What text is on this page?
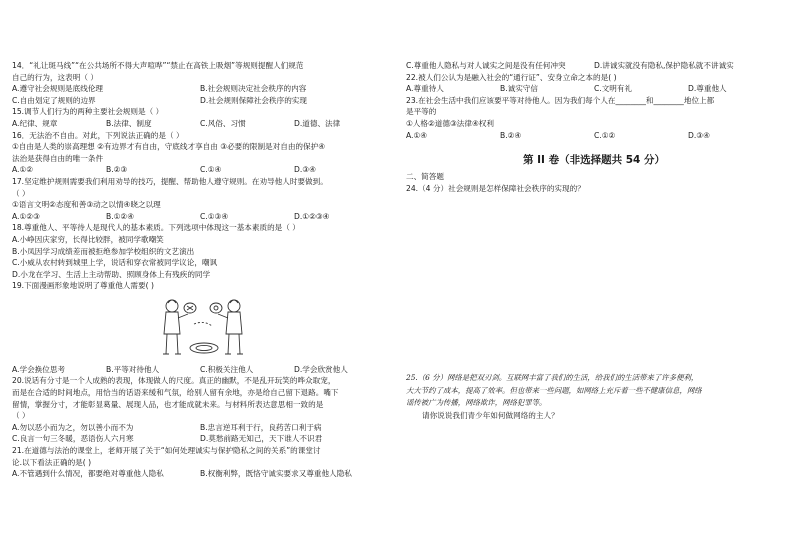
14．“礼让斑马线”“在公共场所不得大声喧哗”“禁止在高铁上吸烟”等规则提醒人们规范
自己的行为，这表明（ ）
A.遵守社会规则是底线伦理	B.社会规则决定社会秩序的内容
C.自由划定了规则的边界	D.社会规则保障社会秩序的实现
15.调节人们行为的两种主要社会规则是（ ）
A.纪律、规章	B.法律、制度	C.风俗、习惯	D.道德、法律
16．无法治不自由。对此，下列说法正确的是（ ）
①自由是人类的崇高理想 ②有边界才有自由，守底线才享自由 ③必要的限制是对自由的保护④
法治是获得自由的唯一条件
A.①②	B.②③	C.①④	D.③④
17.坚定维护规则需要我们利用劝导的技巧，提醒、帮助他人遵守规则。在劝导他人时要做到。
（ ）
①语言文明②态度和善③动之以情④晓之以理
A.①②③	B.①②④	C.①③④	D.①②③④
18.尊重他人、平等待人是现代人的基本素质。下列选项中体现这一基本素质的是（ ）
A.小峥因庆家穷，长得比较胖，被同学歌嘲笑
B.小凤因学习成绩差而被拒绝参加学校组织的文艺演出
C.小威从农村转到城里上学，说话和穿衣常被同学议论，嘲讽
D.小龙在学习、生活上主动帮助、照顾身体上有残疾的同学
19.下面漫画形象地说明了尊重他人需要( )
A.学会换位思考	B.平等对待他人	C.积极关注他人	D.学会欣赏他人
20.说话有分寸是一个人成熟的表现，体现做人的尺度。真正的幽默，不是乱开玩笑的哗众取宠，
而是在合适的时间地点，用恰当的话语来缓和气氛，给别人留有余地，亦是给自己留下退路。嘴下
留情，掌握分寸，才能彰显葛量、展现人品，也才能成就未来。与材料所表达意思相一致的是
（ ）
A.勿以恶小而为之，勿以善小而不为	B.忠言逆耳利于行，良药苦口利于病
C.良言一句三冬暖，恶语伤人六月寒	D.莫愁前路无知己，天下谁人不识君
21.在道德与法治的课堂上，老师开展了关于“如何处理诚实与保护隐私之间的关系”的课堂讨
论.以下看法正确的是( )
A.不管遇到什么情况，都要绝对尊重他人隐私	B.权衡利弊，既恪守诚实要求又尊重他人隐私
C.尊重他人隐私与对人诚实之间是没有任何冲突	D.讲诚实就没有隐私,保护隐私就不讲诚实
22.被人们公认为是融入社会的“通行证”、安身立命之本的是( )
A.尊重待人	B.诚实守信	C.文明有礼	D.尊重他人
23.在社会生活中我们应该要平等对待他人。因为我们每个人在________和________地位上都
是平等的
①人格②道德③法律④权利
A.①④	B.②④	C.①②	D.③④
第 II 卷（非选择题共 54 分）
二、简答题
24.（4 分）社会规则是怎样保障社会秩序的实现的？
25.（6 分）网络是把双刃剑。互联网丰富了我们的生活，给我们的生活带来了许多便利，
大大节约了成本，提高了效率。但也带来一些问题，如网络上充斥着一些不健康信息，网络
谣传被广为传播，网络欺诈，网络犯罪等。
请你说说我们青少年如何做网络的主人？
